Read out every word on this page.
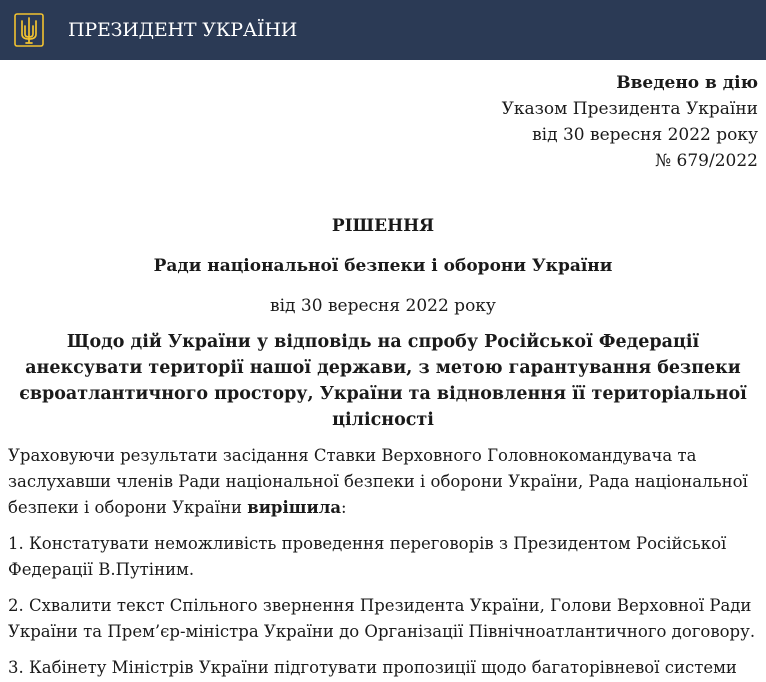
ПРЕЗИДЕНТ УКРАЇНИ
Введено в дію
Указом Президента України
від 30 вересня 2022 року
№ 679/2022
РІШЕННЯ
Ради національної безпеки і оборони України
від 30 вересня 2022 року
Щодо дій України у відповідь на спробу Російської Федерації анексувати території нашої держави, з метою гарантування безпеки євроатлантичного простору, України та відновлення її територіальної цілісності

Ураховуючи результати засідання Ставки Верховного Головнокомандувача та заслухавши членів Ради національної безпеки і оборони України, Рада національної безпеки і оборони України вирішила:

1. Констатувати неможливість проведення переговорів з Президентом Російської Федерації В.Путіним.

2. Схвалити текст Спільного звернення Президента України, Голови Верховної Ради України та Прем’єр-міністра України до Організації Північноатлантичного договору.

3. Кабінету Міністрів України підготувати пропозиції щодо багаторівневої системи
